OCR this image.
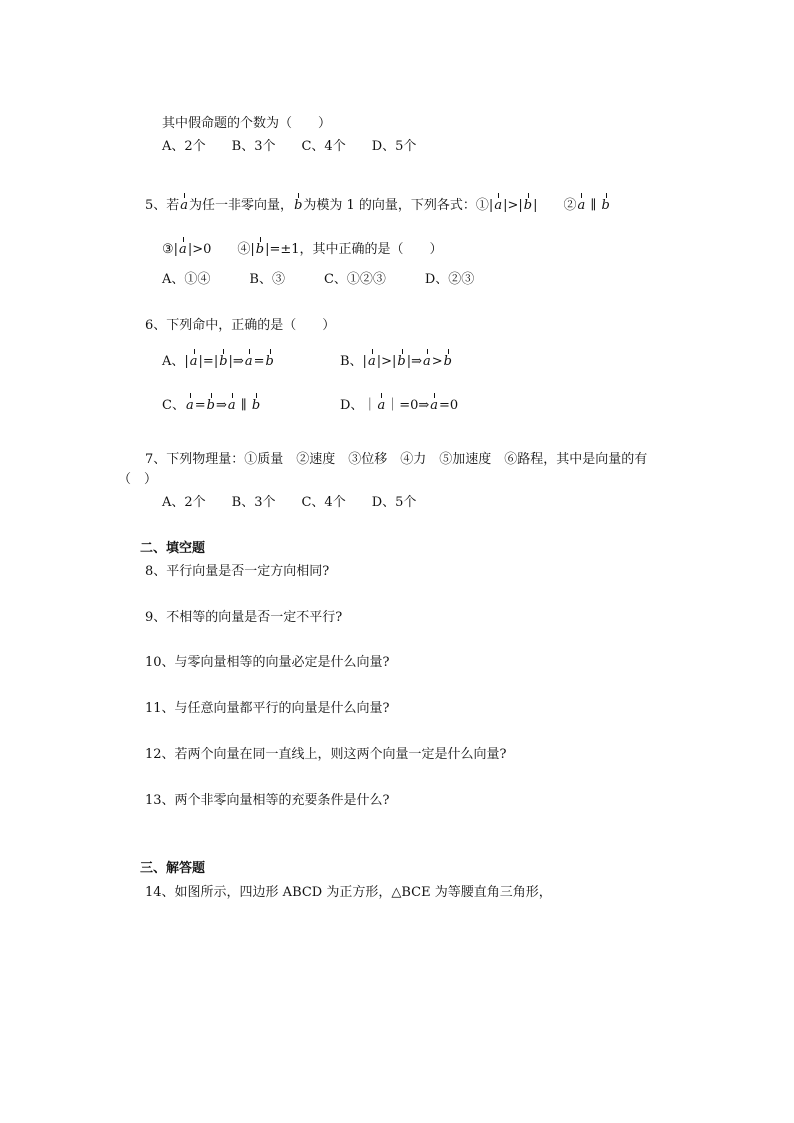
其中假命题的个数为（　　）
A、2个　　B、3个　　C、4个　　D、5个
5、若a为任一非零向量，b为模为 1 的向量，下列各式：①|a|>|b|　　②a ∥ b
③|a|>0　　④|b|=±1，其中正确的是（　　）
A、①④　　　B、③　　　C、①②③　　　D、②③
6、下列命中，正确的是（　　）
A、|a|=|b|⇒a=b	B、|a|>|b|⇒a>b
C、a=b⇒a ∥ b	D、｜a｜=0⇒a=0
7、下列物理量：①质量　②速度　③位移　④力　⑤加速度　⑥路程，其中是向量的有
（　）
A、2个　　B、3个　　C、4个　　D、5个
二、填空题
8、平行向量是否一定方向相同?
9、不相等的向量是否一定不平行?
10、与零向量相等的向量必定是什么向量?
11、与任意向量都平行的向量是什么向量?
12、若两个向量在同一直线上，则这两个向量一定是什么向量?
13、两个非零向量相等的充要条件是什么?
三、解答题
14、如图所示，四边形 ABCD 为正方形，△BCE 为等腰直角三角形，
